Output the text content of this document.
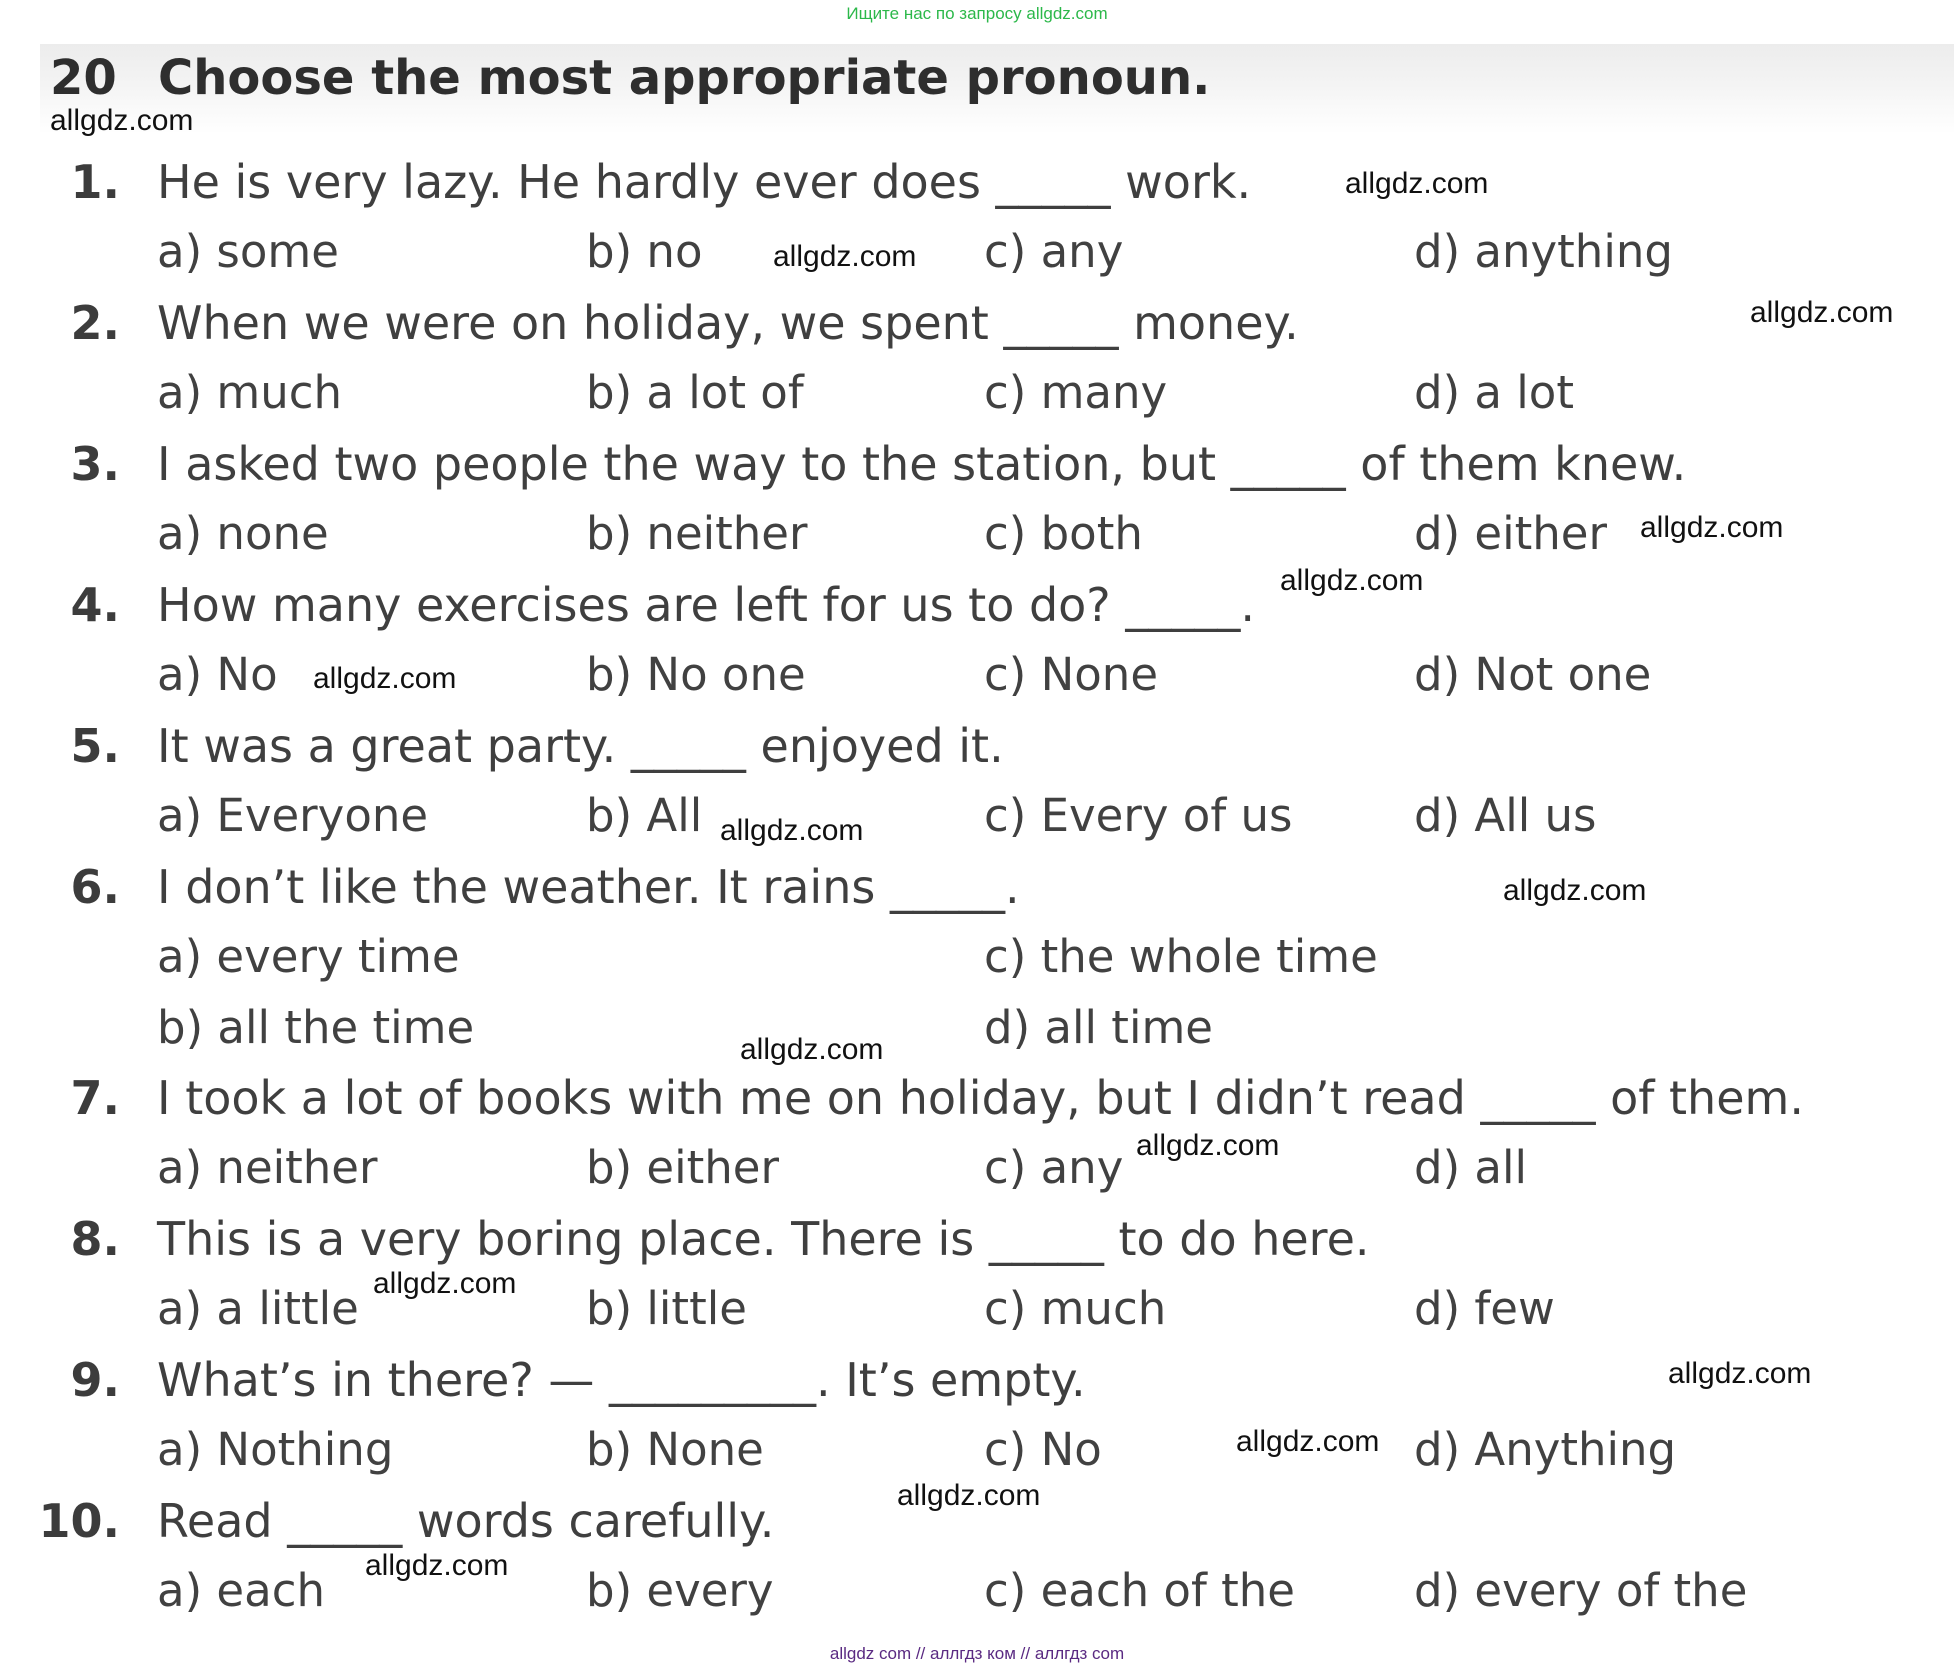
Ищите нас по запросу allgdz.com
20 Choose the most appropriate pronoun.
1. He is very lazy. He hardly ever does _____ work.
a) some	b) no	c) any	d) anything
2. When we were on holiday, we spent _____ money.
a) much	b) a lot of	c) many	d) a lot
3. I asked two people the way to the station, but _____ of them knew.
a) none	b) neither	c) both	d) either
4. How many exercises are left for us to do? _____.
a) No	b) No one	c) None	d) Not one
5. It was a great party. _____ enjoyed it.
a) Everyone	b) All	c) Every of us	d) All us
6. I don’t like the weather. It rains _____.
a) every time	c) the whole time
b) all the time	d) all time
7. I took a lot of books with me on holiday, but I didn’t read _____ of them.
a) neither	b) either	c) any	d) all
8. This is a very boring place. There is _____ to do here.
a) a little	b) little	c) much	d) few
9. What’s in there? — _________. It’s empty.
a) Nothing	b) None	c) No	d) Anything
10. Read _____ words carefully.
a) each	b) every	c) each of the	d) every of the
allgdz.com
allgdz.com
allgdz.com
allgdz.com
allgdz.com
allgdz.com
allgdz.com
allgdz.com
allgdz.com
allgdz.com
allgdz.com
allgdz.com
allgdz.com
allgdz.com
allgdz.com
allgdz.com
allgdz com // аллгдз ком // аллгдз com
